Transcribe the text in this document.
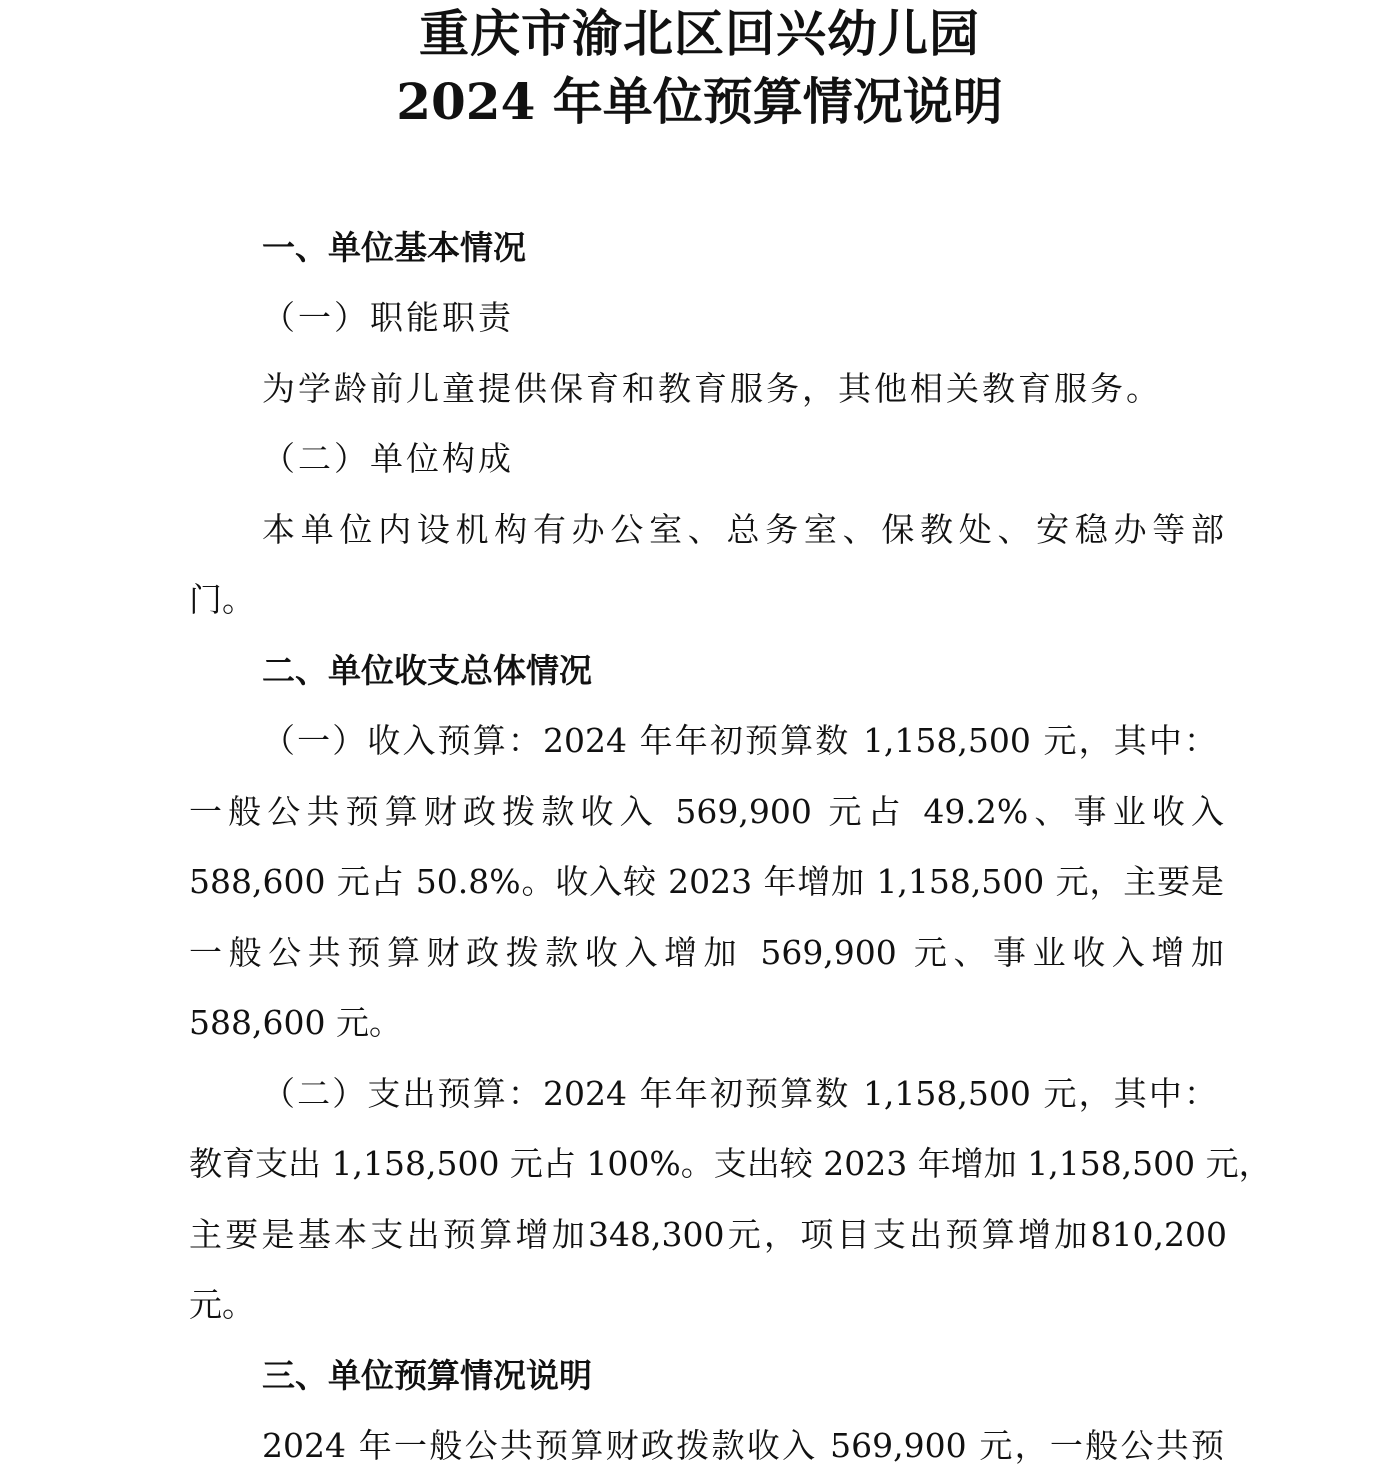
重庆市渝北区回兴幼儿园
2024 年单位预算情况说明
一、单位基本情况
（一）职能职责
为学龄前儿童提供保育和教育服务，其他相关教育服务。
（二）单位构成
本单位内设机构有办公室、总务室、保教处、安稳办等部
门。
二、单位收支总体情况
（一）收入预算：2024 年年初预算数 1,158,500 元，其中：
一般公共预算财政拨款收入 569,900 元占 49.2%、事业收入
588,600 元占 50.8%。收入较 2023 年增加 1,158,500 元，主要是
一般公共预算财政拨款收入增加 569,900 元、事业收入增加
588,600 元。
（二）支出预算：2024 年年初预算数 1,158,500 元，其中：
教育支出 1,158,500 元占 100%。支出较 2023 年增加 1,158,500 元，
主要是基本支出预算增加348,300元，项目支出预算增加810,200
元。
三、单位预算情况说明
2024 年一般公共预算财政拨款收入 569,900 元，一般公共预
